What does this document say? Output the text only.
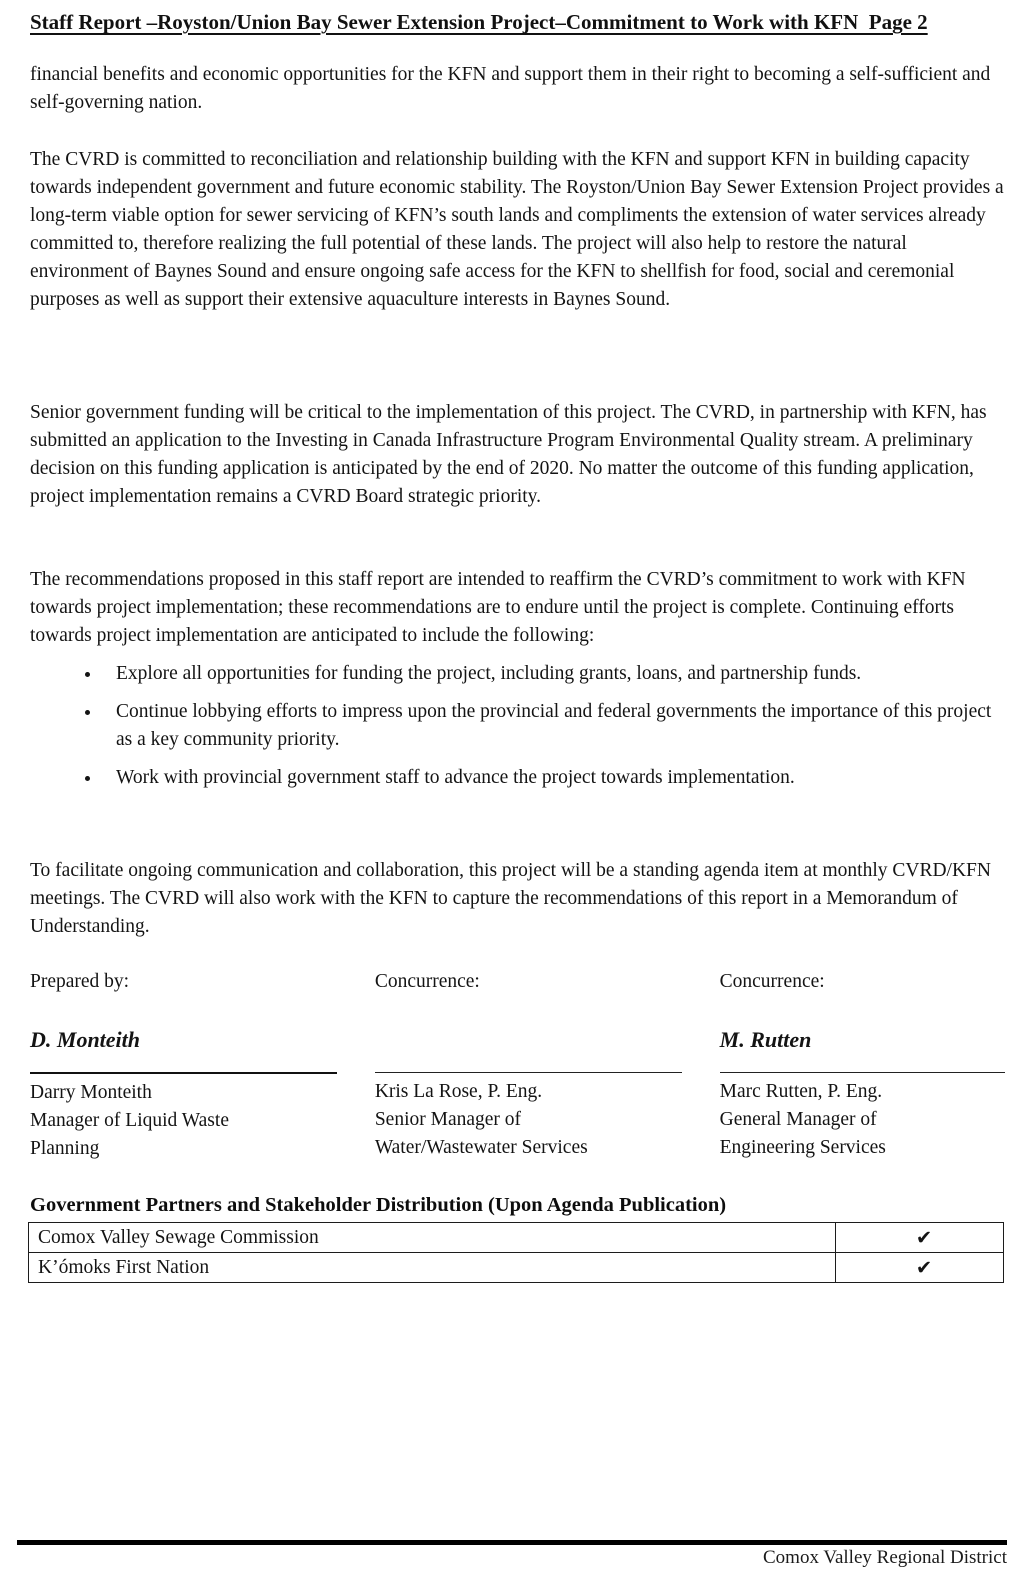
Staff Report –Royston/Union Bay Sewer Extension Project–Commitment to Work with KFN  Page 2

financial benefits and economic opportunities for the KFN and support them in their right to becoming a self-sufficient and self-governing nation.

The CVRD is committed to reconciliation and relationship building with the KFN and support KFN in building capacity towards independent government and future economic stability. The Royston/Union Bay Sewer Extension Project provides a long-term viable option for sewer servicing of KFN’s south lands and compliments the extension of water services already committed to, therefore realizing the full potential of these lands. The project will also help to restore the natural environment of Baynes Sound and ensure ongoing safe access for the KFN to shellfish for food, social and ceremonial purposes as well as support their extensive aquaculture interests in Baynes Sound.

Senior government funding will be critical to the implementation of this project. The CVRD, in partnership with KFN, has submitted an application to the Investing in Canada Infrastructure Program Environmental Quality stream. A preliminary decision on this funding application is anticipated by the end of 2020. No matter the outcome of this funding application, project implementation remains a CVRD Board strategic priority.

The recommendations proposed in this staff report are intended to reaffirm the CVRD’s commitment to work with KFN towards project implementation; these recommendations are to endure until the project is complete. Continuing efforts towards project implementation are anticipated to include the following:

• Explore all opportunities for funding the project, including grants, loans, and partnership funds.
• Continue lobbying efforts to impress upon the provincial and federal governments the importance of this project as a key community priority.
• Work with provincial government staff to advance the project towards implementation.

To facilitate ongoing communication and collaboration, this project will be a standing agenda item at monthly CVRD/KFN meetings. The CVRD will also work with the KFN to capture the recommendations of this report in a Memorandum of Understanding.

Prepared by:
D. Monteith
Darry Monteith
Manager of Liquid Waste
Planning
Concurrence:
Kris La Rose, P. Eng.
Senior Manager of
Water/Wastewater Services
Concurrence:
M. Rutten
Marc Rutten, P. Eng.
General Manager of
Engineering Services
Government Partners and Stakeholder Distribution (Upon Agenda Publication)
Comox Valley Sewage Commission	✔
K’ómoks First Nation	✔
Comox Valley Regional District
